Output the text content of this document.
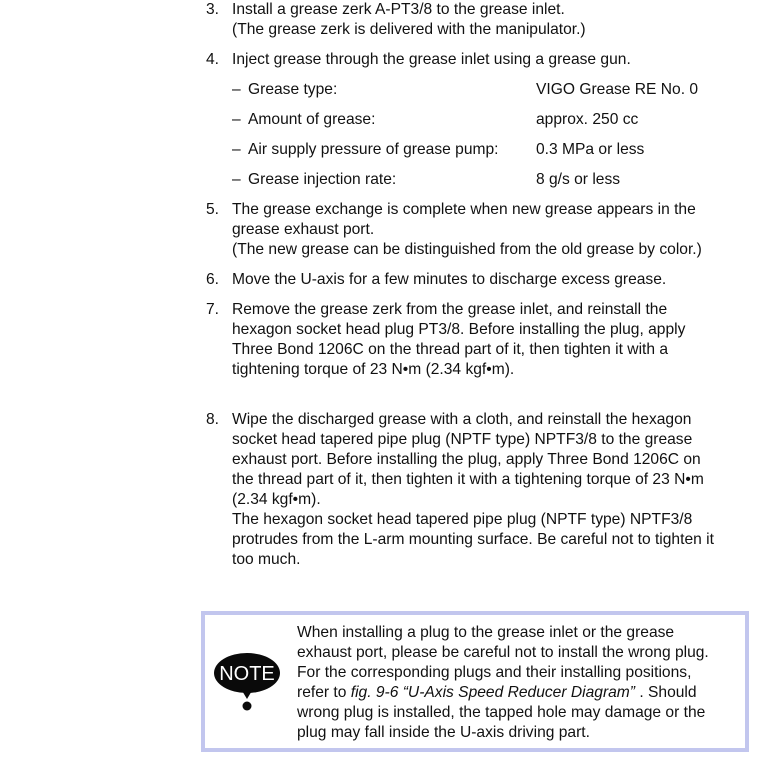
3. Install a grease zerk A-PT3/8 to the grease inlet.
(The grease zerk is delivered with the manipulator.)
4. Inject grease through the grease inlet using a grease gun.
– Grease type:	VIGO Grease RE No. 0
– Amount of grease:	approx. 250 cc
– Air supply pressure of grease pump: 0.3 MPa or less
– Grease injection rate:	8 g/s or less
5. The grease exchange is complete when new grease appears in the
grease exhaust port.
(The new grease can be distinguished from the old grease by color.)
6. Move the U-axis for a few minutes to discharge excess grease.
7. Remove the grease zerk from the grease inlet, and reinstall the
hexagon socket head plug PT3/8. Before installing the plug, apply
Three Bond 1206C on the thread part of it, then tighten it with a
tightening torque of 23 N•m (2.34 kgf•m).
8. Wipe the discharged grease with a cloth, and reinstall the hexagon
socket head tapered pipe plug (NPTF type) NPTF3/8 to the grease
exhaust port. Before installing the plug, apply Three Bond 1206C on
the thread part of it, then tighten it with a tightening torque of 23 N•m
(2.34 kgf•m).
The hexagon socket head tapered pipe plug (NPTF type) NPTF3/8
protrudes from the L-arm mounting surface. Be careful not to tighten it
too much.
NOTE
When installing a plug to the grease inlet or the grease
exhaust port, please be careful not to install the wrong plug.
For the corresponding plugs and their installing positions,
refer to fig. 9-6 “U-Axis Speed Reducer Diagram” . Should
wrong plug is installed, the tapped hole may damage or the
plug may fall inside the U-axis driving part.
